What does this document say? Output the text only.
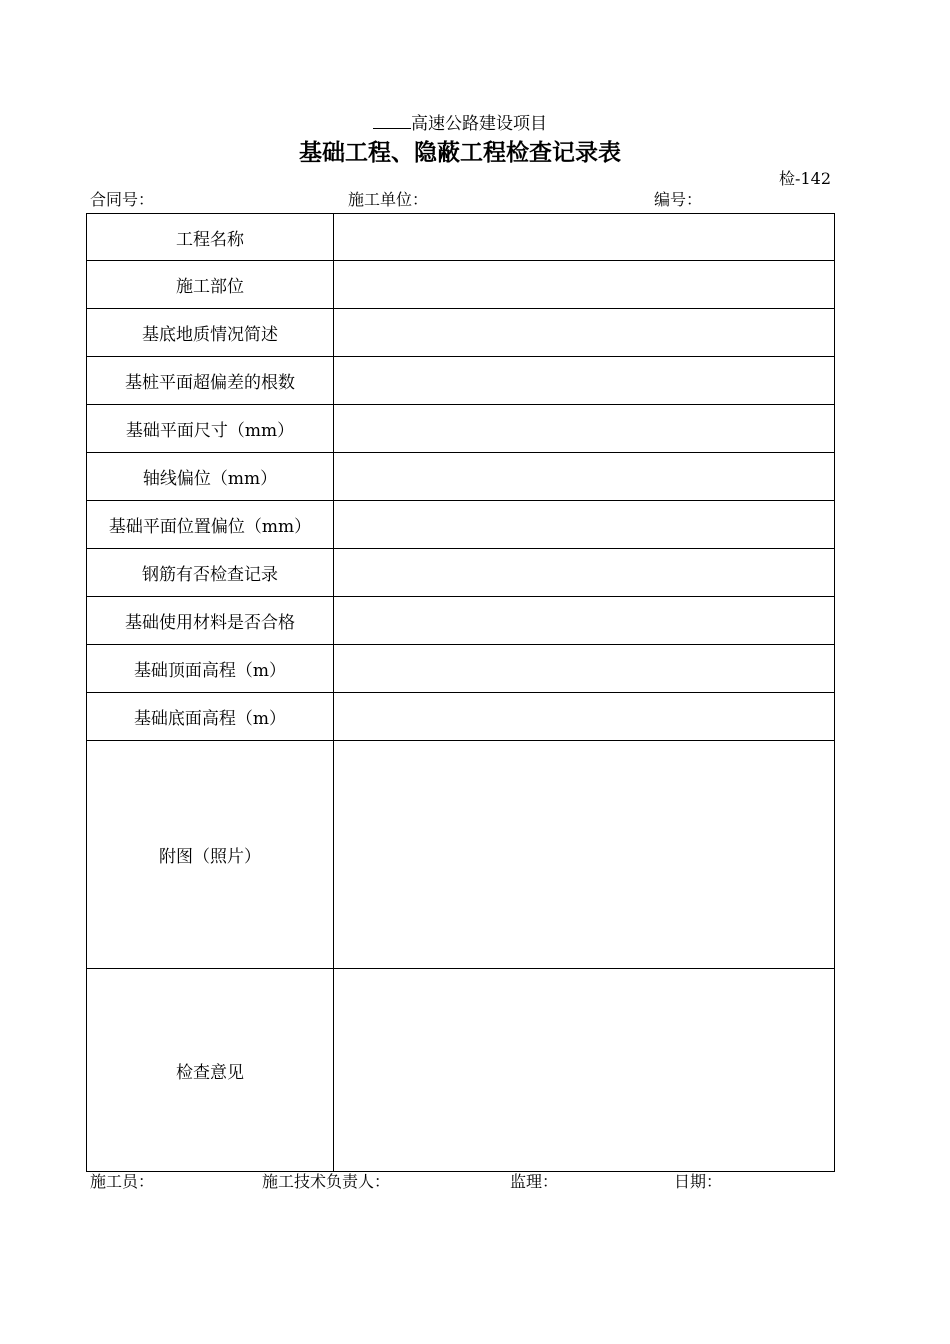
高速公路建设项目
基础工程、隐蔽工程检查记录表
检-142
合同号：	施工单位：	编号：
工程名称	
施工部位	
基底地质情况简述	
基桩平面超偏差的根数	
基础平面尺寸（mm）	
轴线偏位（mm）	
基础平面位置偏位（mm）	
钢筋有否检查记录	
基础使用材料是否合格	
基础顶面高程（m）	
基础底面高程（m）	
附图（照片）	
检查意见	
施工员：	施工技术负责人：	监理：	日期：
